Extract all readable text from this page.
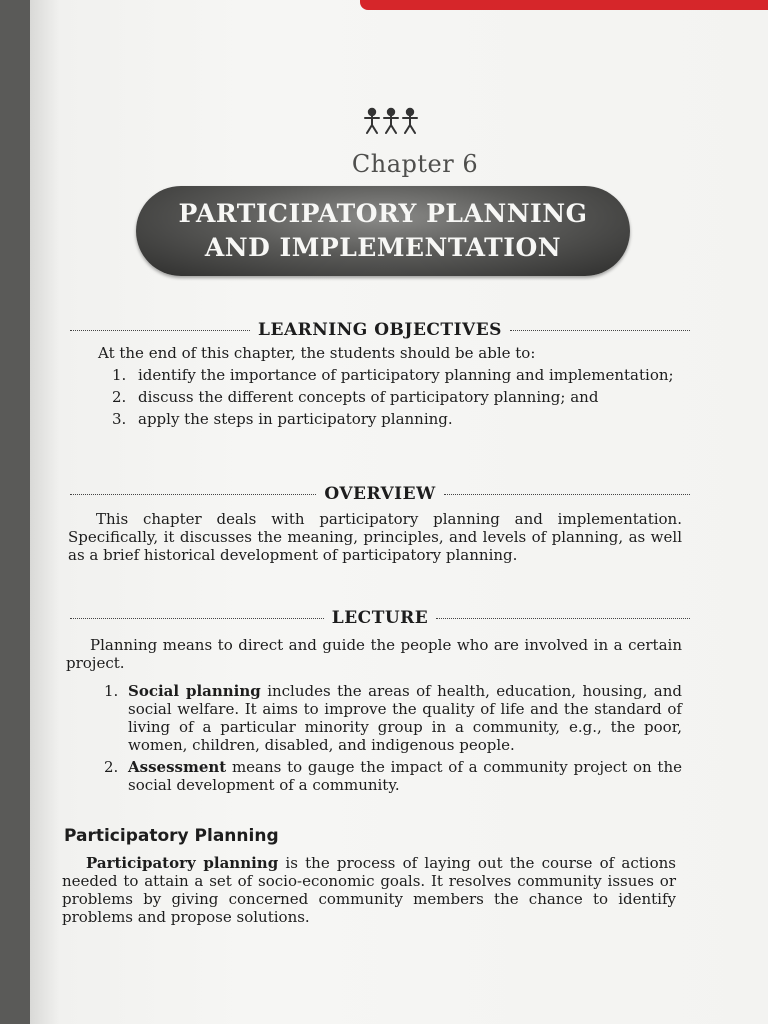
Chapter 6
PARTICIPATORY PLANNING
AND IMPLEMENTATION
LEARNING OBJECTIVES
At the end of this chapter, the students should be able to:
1. identify the importance of participatory planning and implementation;
2. discuss the different concepts of participatory planning; and
3. apply the steps in participatory planning.
OVERVIEW
This chapter deals with participatory planning and implementation. Specifically, it discusses the meaning, principles, and levels of planning, as well as a brief historical development of participatory planning.
LECTURE
Planning means to direct and guide the people who are involved in a certain project.
1. Social planning includes the areas of health, education, housing, and social welfare. It aims to improve the quality of life and the standard of living of a particular minority group in a community, e.g., the poor, women, children, disabled, and indigenous people.
2. Assessment means to gauge the impact of a community project on the social development of a community.
Participatory Planning
Participatory planning is the process of laying out the course of actions needed to attain a set of socio-economic goals. It resolves community issues or problems by giving concerned community members the chance to identify problems and propose solutions.
